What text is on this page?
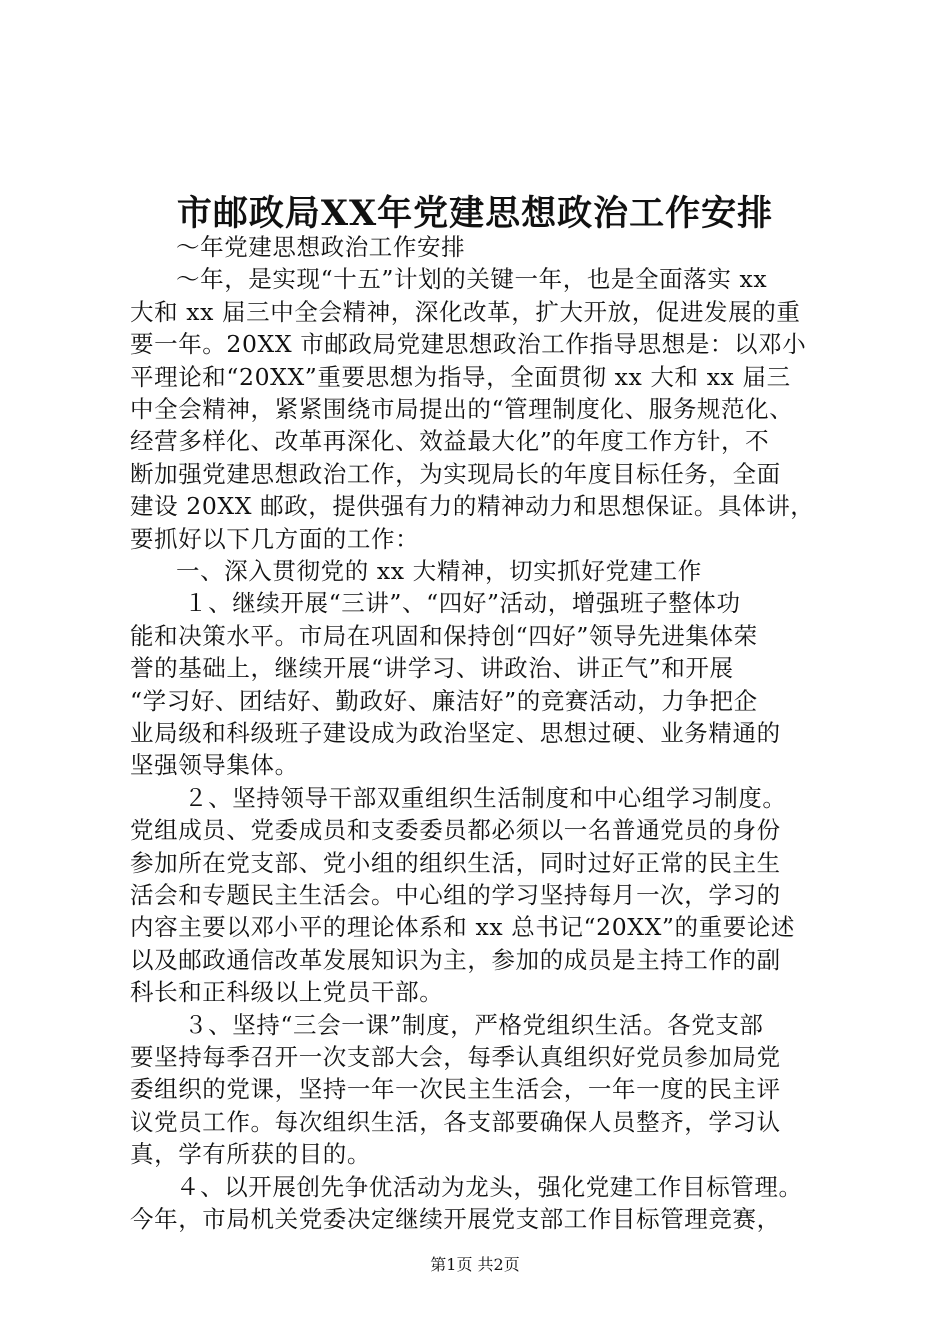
市邮政局XX年党建思想政治工作安排
～年党建思想政治工作安排
～年，是实现“十五”计划的关键一年，也是全面落实 xx
大和 xx 届三中全会精神，深化改革，扩大开放，促进发展的重
要一年。20XX 市邮政局党建思想政治工作指导思想是：以邓小
平理论和“20XX”重要思想为指导，全面贯彻 xx 大和 xx 届三
中全会精神，紧紧围绕市局提出的“管理制度化、服务规范化、
经营多样化、改革再深化、效益最大化”的年度工作方针，不
断加强党建思想政治工作，为实现局长的年度目标任务，全面
建设 20XX 邮政，提供强有力的精神动力和思想保证。具体讲，
要抓好以下几方面的工作：
一、深入贯彻党的 xx 大精神，切实抓好党建工作
１、继续开展“三讲”、“四好”活动，增强班子整体功
能和决策水平。市局在巩固和保持创“四好”领导先进集体荣
誉的基础上，继续开展“讲学习、讲政治、讲正气”和开展
“学习好、团结好、勤政好、廉洁好”的竞赛活动，力争把企
业局级和科级班子建设成为政治坚定、思想过硬、业务精通的
坚强领导集体。
２、坚持领导干部双重组织生活制度和中心组学习制度。
党组成员、党委成员和支委委员都必须以一名普通党员的身份
参加所在党支部、党小组的组织生活，同时过好正常的民主生
活会和专题民主生活会。中心组的学习坚持每月一次，学习的
内容主要以邓小平的理论体系和 xx 总书记“20XX”的重要论述
以及邮政通信改革发展知识为主，参加的成员是主持工作的副
科长和正科级以上党员干部。
３、坚持“三会一课”制度，严格党组织生活。各党支部
要坚持每季召开一次支部大会，每季认真组织好党员参加局党
委组织的党课，坚持一年一次民主生活会，一年一度的民主评
议党员工作。每次组织生活，各支部要确保人员整齐，学习认
真，学有所获的目的。
４、以开展创先争优活动为龙头，强化党建工作目标管理。
今年，市局机关党委决定继续开展党支部工作目标管理竞赛，
第1页 共2页
